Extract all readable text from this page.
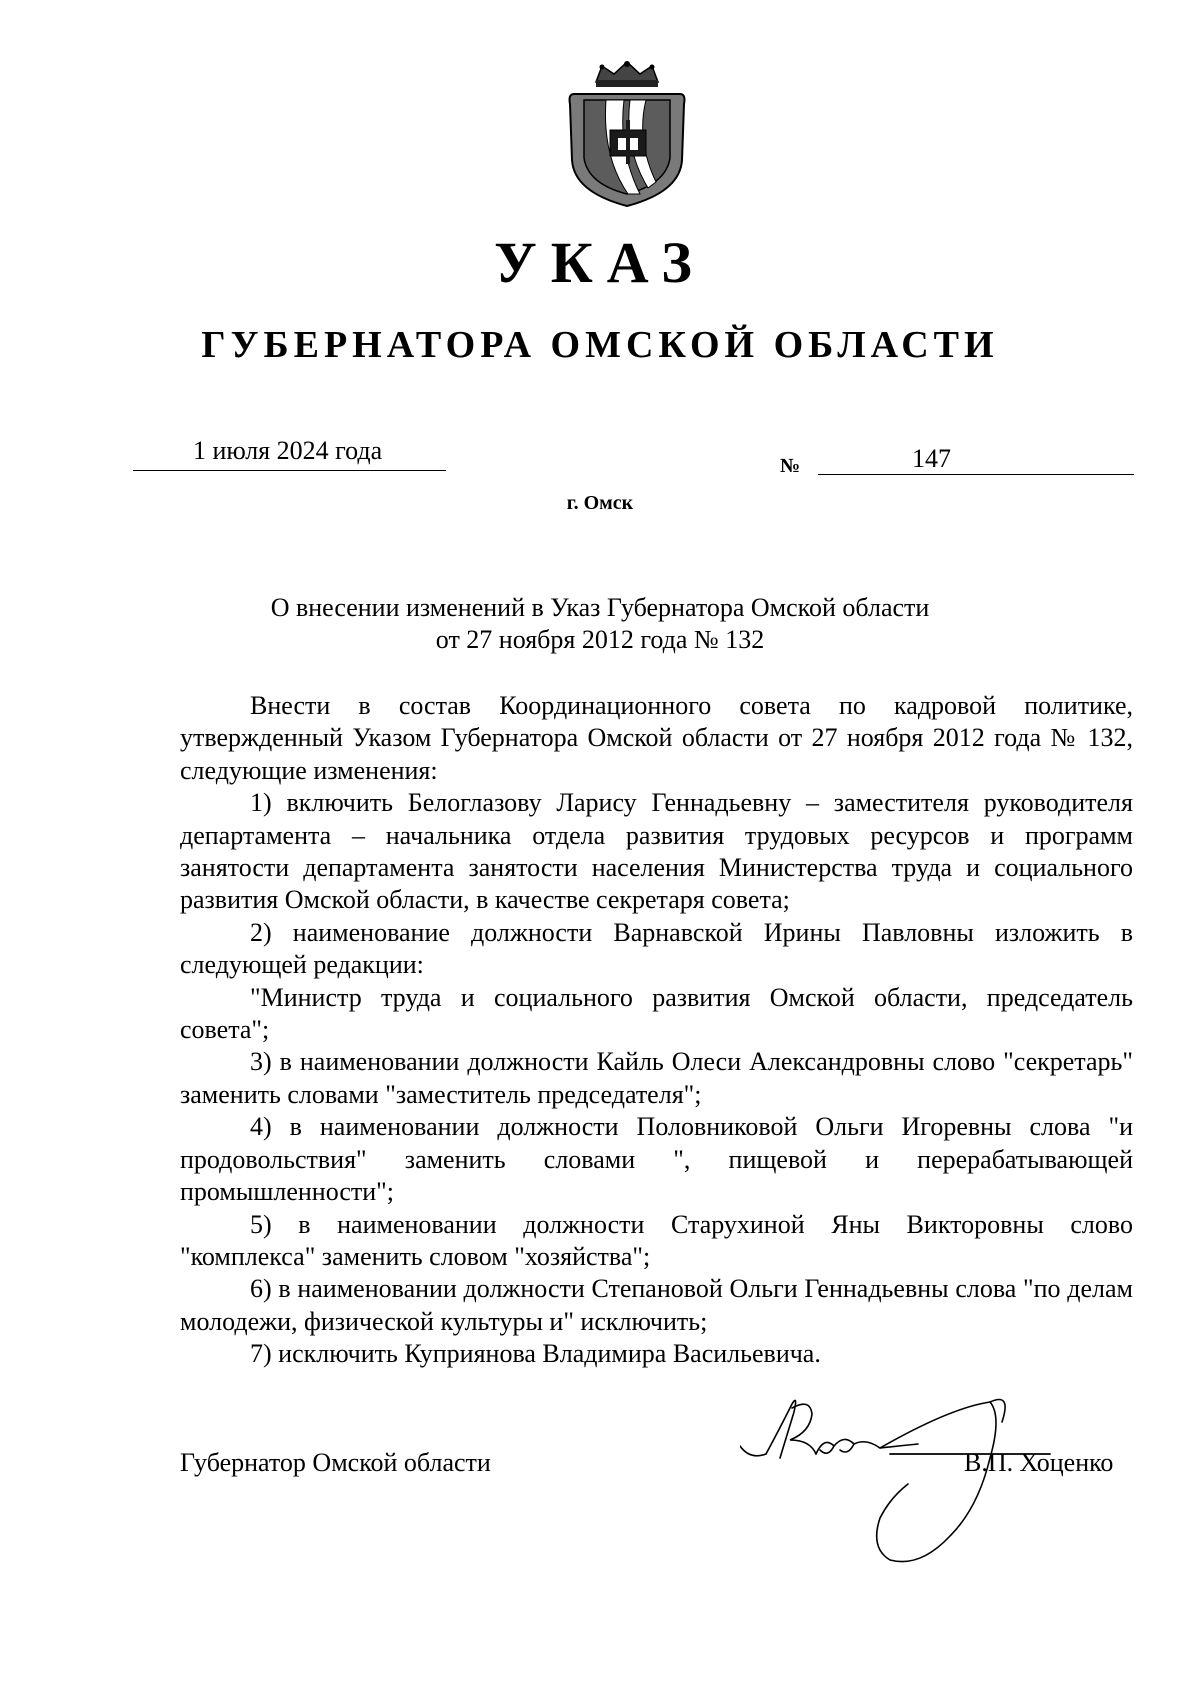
УКАЗ
ГУБЕРНАТОРА ОМСКОЙ ОБЛАСТИ
1 июля 2024 года
№	147
г. Омск
О внесении изменений в Указ Губернатора Омской области
от 27 ноября 2012 года № 132

Внести в состав Координационного совета по кадровой политике, утвержденный Указом Губернатора Омской области от 27 ноября 2012 года № 132, следующие изменения:

1) включить Белоглазову Ларису Геннадьевну – заместителя руководителя департамента – начальника отдела развития трудовых ресурсов и программ занятости департамента занятости населения Министерства труда и социального развития Омской области, в качестве секретаря совета;

2) наименование должности Варнавской Ирины Павловны изложить в следующей редакции:

"Министр труда и социального развития Омской области, председатель совета";

3) в наименовании должности Кайль Олеси Александровны слово "секретарь" заменить словами "заместитель председателя";

4) в наименовании должности Половниковой Ольги Игоревны слова "и продовольствия" заменить словами ", пищевой и перерабатывающей промышленности";

5) в наименовании должности Старухиной Яны Викторовны слово "комплекса" заменить словом "хозяйства";

6) в наименовании должности Степановой Ольги Геннадьевны слова "по делам молодежи, физической культуры и" исключить;

7) исключить Куприянова Владимира Васильевича.

Губернатор Омской области	В.П. Хоценко
